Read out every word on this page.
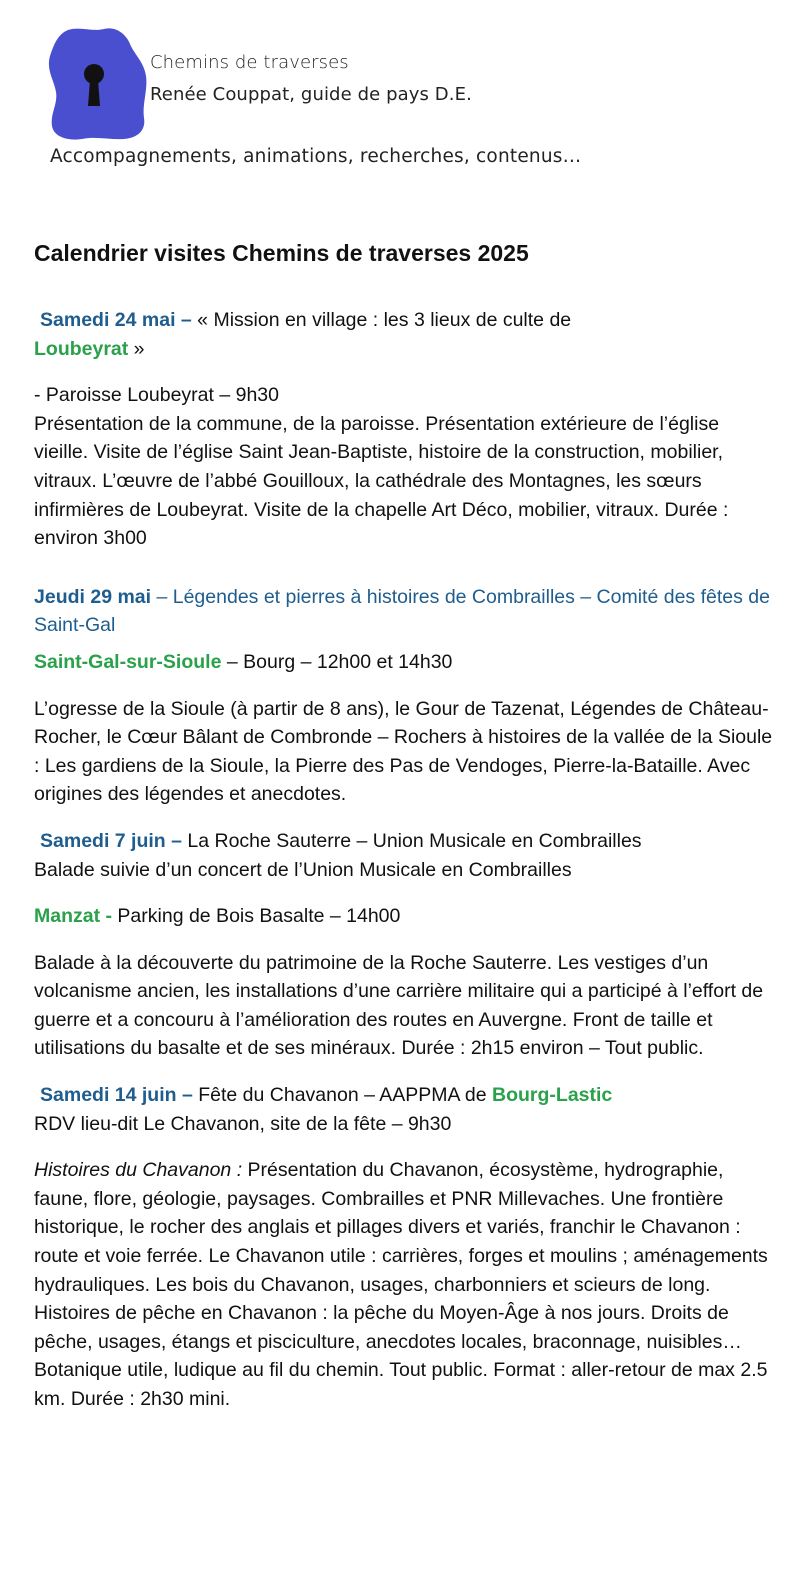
Chemins de traverses
Renée Couppat, guide de pays D.E.
Accompagnements, animations, recherches, contenus…
Calendrier visites Chemins de traverses 2025

Samedi 24 mai – « Mission en village : les 3 lieux de culte de

Loubeyrat »

- Paroisse Loubeyrat – 9h30

Présentation de la commune, de la paroisse. Présentation extérieure de l’église vieille. Visite de l’église Saint Jean-Baptiste, histoire de la construction, mobilier, vitraux. L’œuvre de l’abbé Gouilloux, la cathédrale des Montagnes, les sœurs infirmières de Loubeyrat. Visite de la chapelle Art Déco, mobilier, vitraux. Durée : environ 3h00

Jeudi 29 mai – Légendes et pierres à histoires de Combrailles – Comité des fêtes de Saint-Gal

Saint-Gal-sur-Sioule – Bourg – 12h00 et 14h30

L’ogresse de la Sioule (à partir de 8 ans), le Gour de Tazenat, Légendes de Château-Rocher, le Cœur Bâlant de Combronde – Rochers à histoires de la vallée de la Sioule : Les gardiens de la Sioule, la Pierre des Pas de Vendoges, Pierre-la-Bataille. Avec origines des légendes et anecdotes.

Samedi 7 juin – La Roche Sauterre – Union Musicale en Combrailles

Balade suivie d’un concert de l’Union Musicale en Combrailles

Manzat - Parking de Bois Basalte – 14h00

Balade à la découverte du patrimoine de la Roche Sauterre. Les vestiges d’un volcanisme ancien, les installations d’une carrière militaire qui a participé à l’effort de guerre et a concouru à l’amélioration des routes en Auvergne. Front de taille et utilisations du basalte et de ses minéraux. Durée : 2h15 environ – Tout public.

Samedi 14 juin – Fête du Chavanon – AAPPMA de Bourg-Lastic

RDV lieu-dit Le Chavanon, site de la fête – 9h30

Histoires du Chavanon : Présentation du Chavanon, écosystème, hydrographie, faune, flore, géologie, paysages. Combrailles et PNR Millevaches. Une frontière historique, le rocher des anglais et pillages divers et variés, franchir le Chavanon : route et voie ferrée. Le Chavanon utile : carrières, forges et moulins ; aménagements hydrauliques. Les bois du Chavanon, usages, charbonniers et scieurs de long. Histoires de pêche en Chavanon : la pêche du Moyen-Âge à nos jours. Droits de pêche, usages, étangs et pisciculture, anecdotes locales, braconnage, nuisibles… Botanique utile, ludique au fil du chemin. Tout public. Format : aller-retour de max 2.5 km. Durée : 2h30 mini.
